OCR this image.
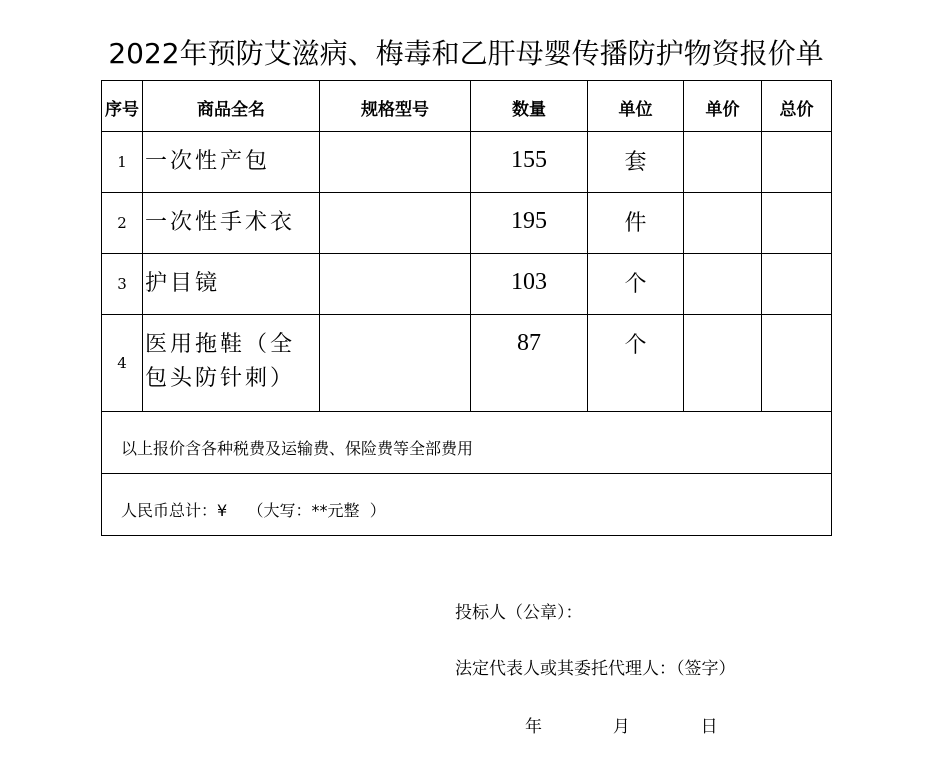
2022年预防艾滋病、梅毒和乙肝母婴传播防护物资报价单
序号	商品全名	规格型号	数量	单位	单价	总价
1	一次性产包		155	套		
2	一次性手术衣		195	件		
3	护目镜		103	个		
4	医用拖鞋（全包头防针刺）		87	个		
以上报价含各种税费及运输费、保险费等全部费用						
人民币总计：¥    （大写：**元整  ）						
投标人（公章）：
法定代表人或其委托代理人：（签字）
年	月	日
